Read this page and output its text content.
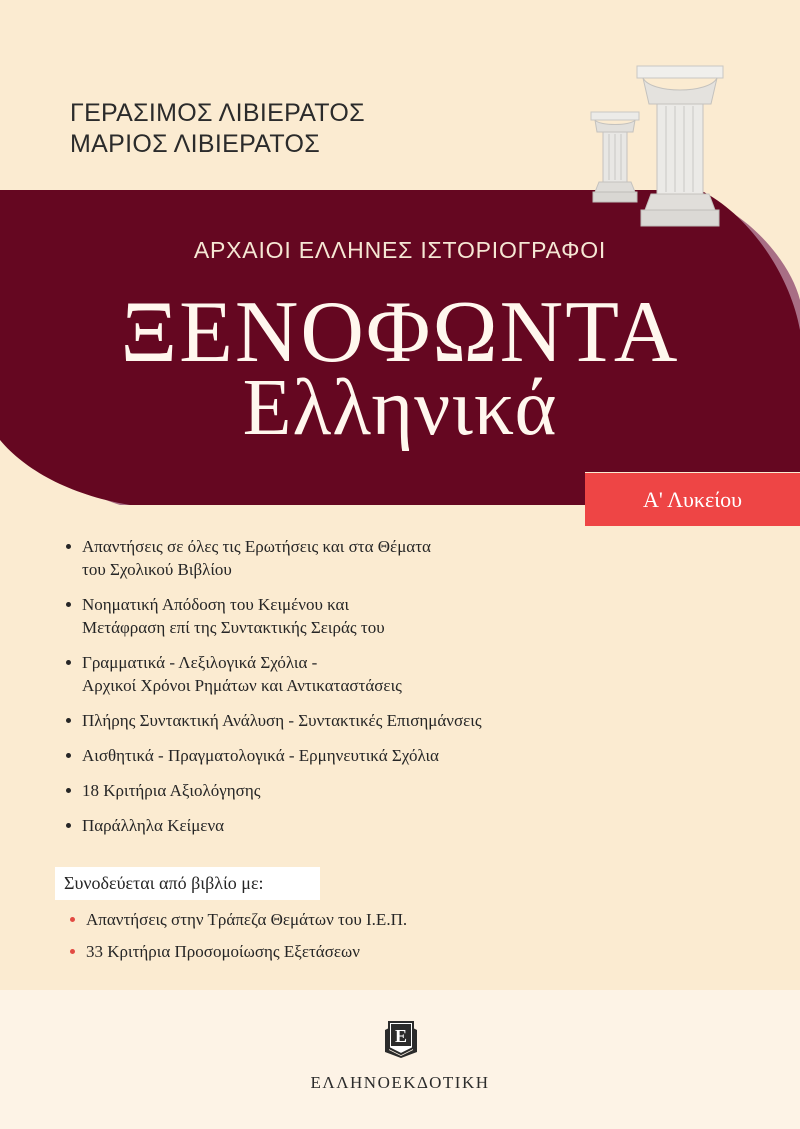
ΓΕΡΑΣΙΜΟΣ ΛΙΒΙΕΡΑΤΟΣ
ΜΑΡΙΟΣ ΛΙΒΙΕΡΑΤΟΣ
ΑΡΧΑΙΟΙ ΕΛΛΗΝΕΣ ΙΣΤΟΡΙΟΓΡΑΦΟΙ
ΞΕΝΟΦΩΝΤΑ
Ελληνικά
Α' Λυκείου
Απαντήσεις σε όλες τις Ερωτήσεις και στα Θέματα
του Σχολικού Βιβλίου
Νοηματική Απόδοση του Κειμένου και
Μετάφραση επί της Συντακτικής Σειράς του
Γραμματικά - Λεξιλογικά Σχόλια -
Αρχικοί Χρόνοι Ρημάτων και Αντικαταστάσεις
Πλήρης Συντακτική Ανάλυση - Συντακτικές Επισημάνσεις
Αισθητικά - Πραγματολογικά - Ερμηνευτικά Σχόλια
18 Κριτήρια Αξιολόγησης
Παράλληλα Κείμενα
Συνοδεύεται από βιβλίο με:
Απαντήσεις στην Τράπεζα Θεμάτων του Ι.Ε.Π.
33 Κριτήρια Προσομοίωσης Εξετάσεων
Ε
ΕΛΛΗΝΟΕΚΔΟΤΙΚΗ
